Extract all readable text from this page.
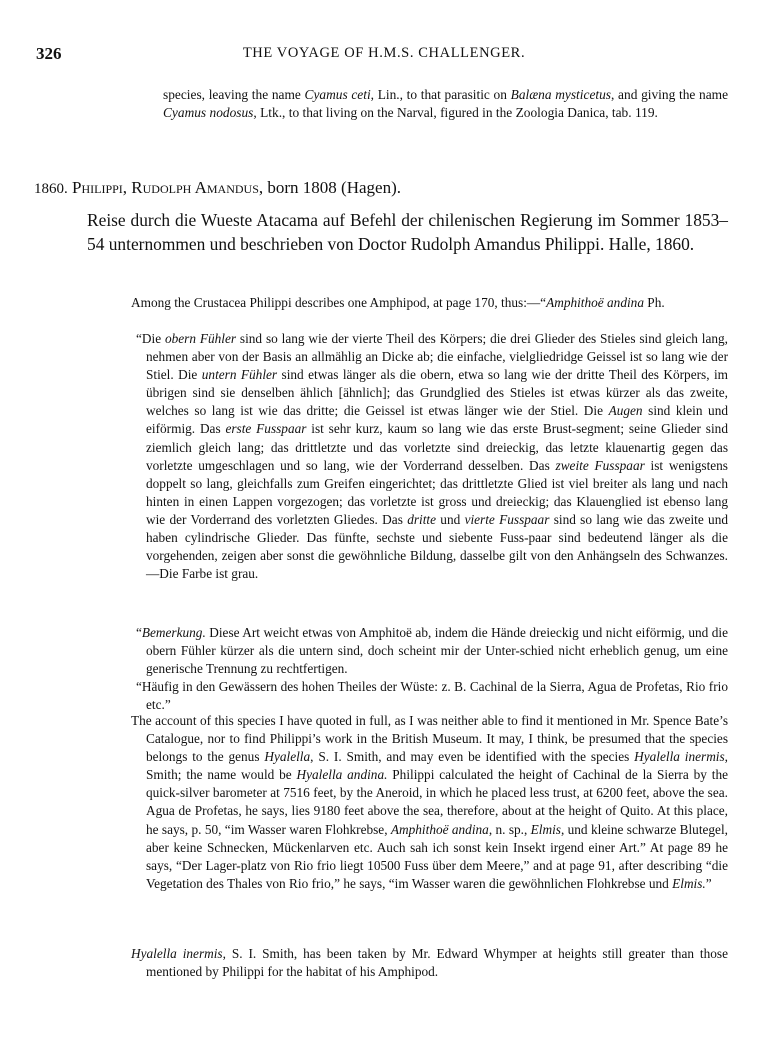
326	THE VOYAGE OF H.M.S. CHALLENGER.

species, leaving the name Cyamus ceti, Lin., to that parasitic on Balæna mysticetus, and giving the name Cyamus nodosus, Ltk., to that living on the Narval, figured in the Zoologia Danica, tab. 119.

1860. Philippi, Rudolph Amandus, born 1808 (Hagen).

Reise durch die Wueste Atacama auf Befehl der chilenischen Regierung im Sommer 1853–54 unternommen und beschrieben von Doctor Rudolph Amandus Philippi. Halle, 1860.

Among the Crustacea Philippi describes one Amphipod, at page 170, thus:—“Amphithoë andina Ph.

“Die obern Fühler sind so lang wie der vierte Theil des Körpers; die drei Glieder des Stieles sind gleich lang, nehmen aber von der Basis an allmählig an Dicke ab; die einfache, vielgliedridge Geissel ist so lang wie der Stiel. Die untern Fühler sind etwas länger als die obern, etwa so lang wie der dritte Theil des Körpers, im übrigen sind sie denselben ählich [ähnlich]; das Grundglied des Stieles ist etwas kürzer als das zweite, welches so lang ist wie das dritte; die Geissel ist etwas länger wie der Stiel. Die Augen sind klein und eiförmig. Das erste Fusspaar ist sehr kurz, kaum so lang wie das erste Brust-segment; seine Glieder sind ziemlich gleich lang; das drittletzte und das vorletzte sind dreieckig, das letzte klauenartig gegen das vorletzte umgeschlagen und so lang, wie der Vorderrand desselben. Das zweite Fusspaar ist wenigstens doppelt so lang, gleichfalls zum Greifen eingerichtet; das drittletzte Glied ist viel breiter als lang und nach hinten in einen Lappen vorgezogen; das vorletzte ist gross und dreieckig; das Klauenglied ist ebenso lang wie der Vorderrand des vorletzten Gliedes. Das dritte und vierte Fusspaar sind so lang wie das zweite und haben cylindrische Glieder. Das fünfte, sechste und siebente Fuss-paar sind bedeutend länger als die vorgehenden, zeigen aber sonst die gewöhnliche Bildung, dasselbe gilt von den Anhängseln des Schwanzes.—Die Farbe ist grau.

“Bemerkung. Diese Art weicht etwas von Amphitoë ab, indem die Hände dreieckig und nicht eiförmig, und die obern Fühler kürzer als die untern sind, doch scheint mir der Unter-schied nicht erheblich genug, um eine generische Trennung zu rechtfertigen.

“Häufig in den Gewässern des hohen Theiles der Wüste: z. B. Cachinal de la Sierra, Agua de Profetas, Rio frio etc.”

The account of this species I have quoted in full, as I was neither able to find it mentioned in Mr. Spence Bate’s Catalogue, nor to find Philippi’s work in the British Museum. It may, I think, be presumed that the species belongs to the genus Hyalella, S. I. Smith, and may even be identified with the species Hyalella inermis, Smith; the name would be Hyalella andina. Philippi calculated the height of Cachinal de la Sierra by the quick-silver barometer at 7516 feet, by the Aneroid, in which he placed less trust, at 6200 feet, above the sea. Agua de Profetas, he says, lies 9180 feet above the sea, therefore, about at the height of Quito. At this place, he says, p. 50, “im Wasser waren Flohkrebse, Amphithoë andina, n. sp., Elmis, und kleine schwarze Blutegel, aber keine Schnecken, Mückenlarven etc. Auch sah ich sonst kein Insekt irgend einer Art.” At page 89 he says, “Der Lager-platz von Rio frio liegt 10500 Fuss über dem Meere,” and at page 91, after describing “die Vegetation des Thales von Rio frio,” he says, “im Wasser waren die gewöhnlichen Flohkrebse und Elmis.”

Hyalella inermis, S. I. Smith, has been taken by Mr. Edward Whymper at heights still greater than those mentioned by Philippi for the habitat of his Amphipod.
